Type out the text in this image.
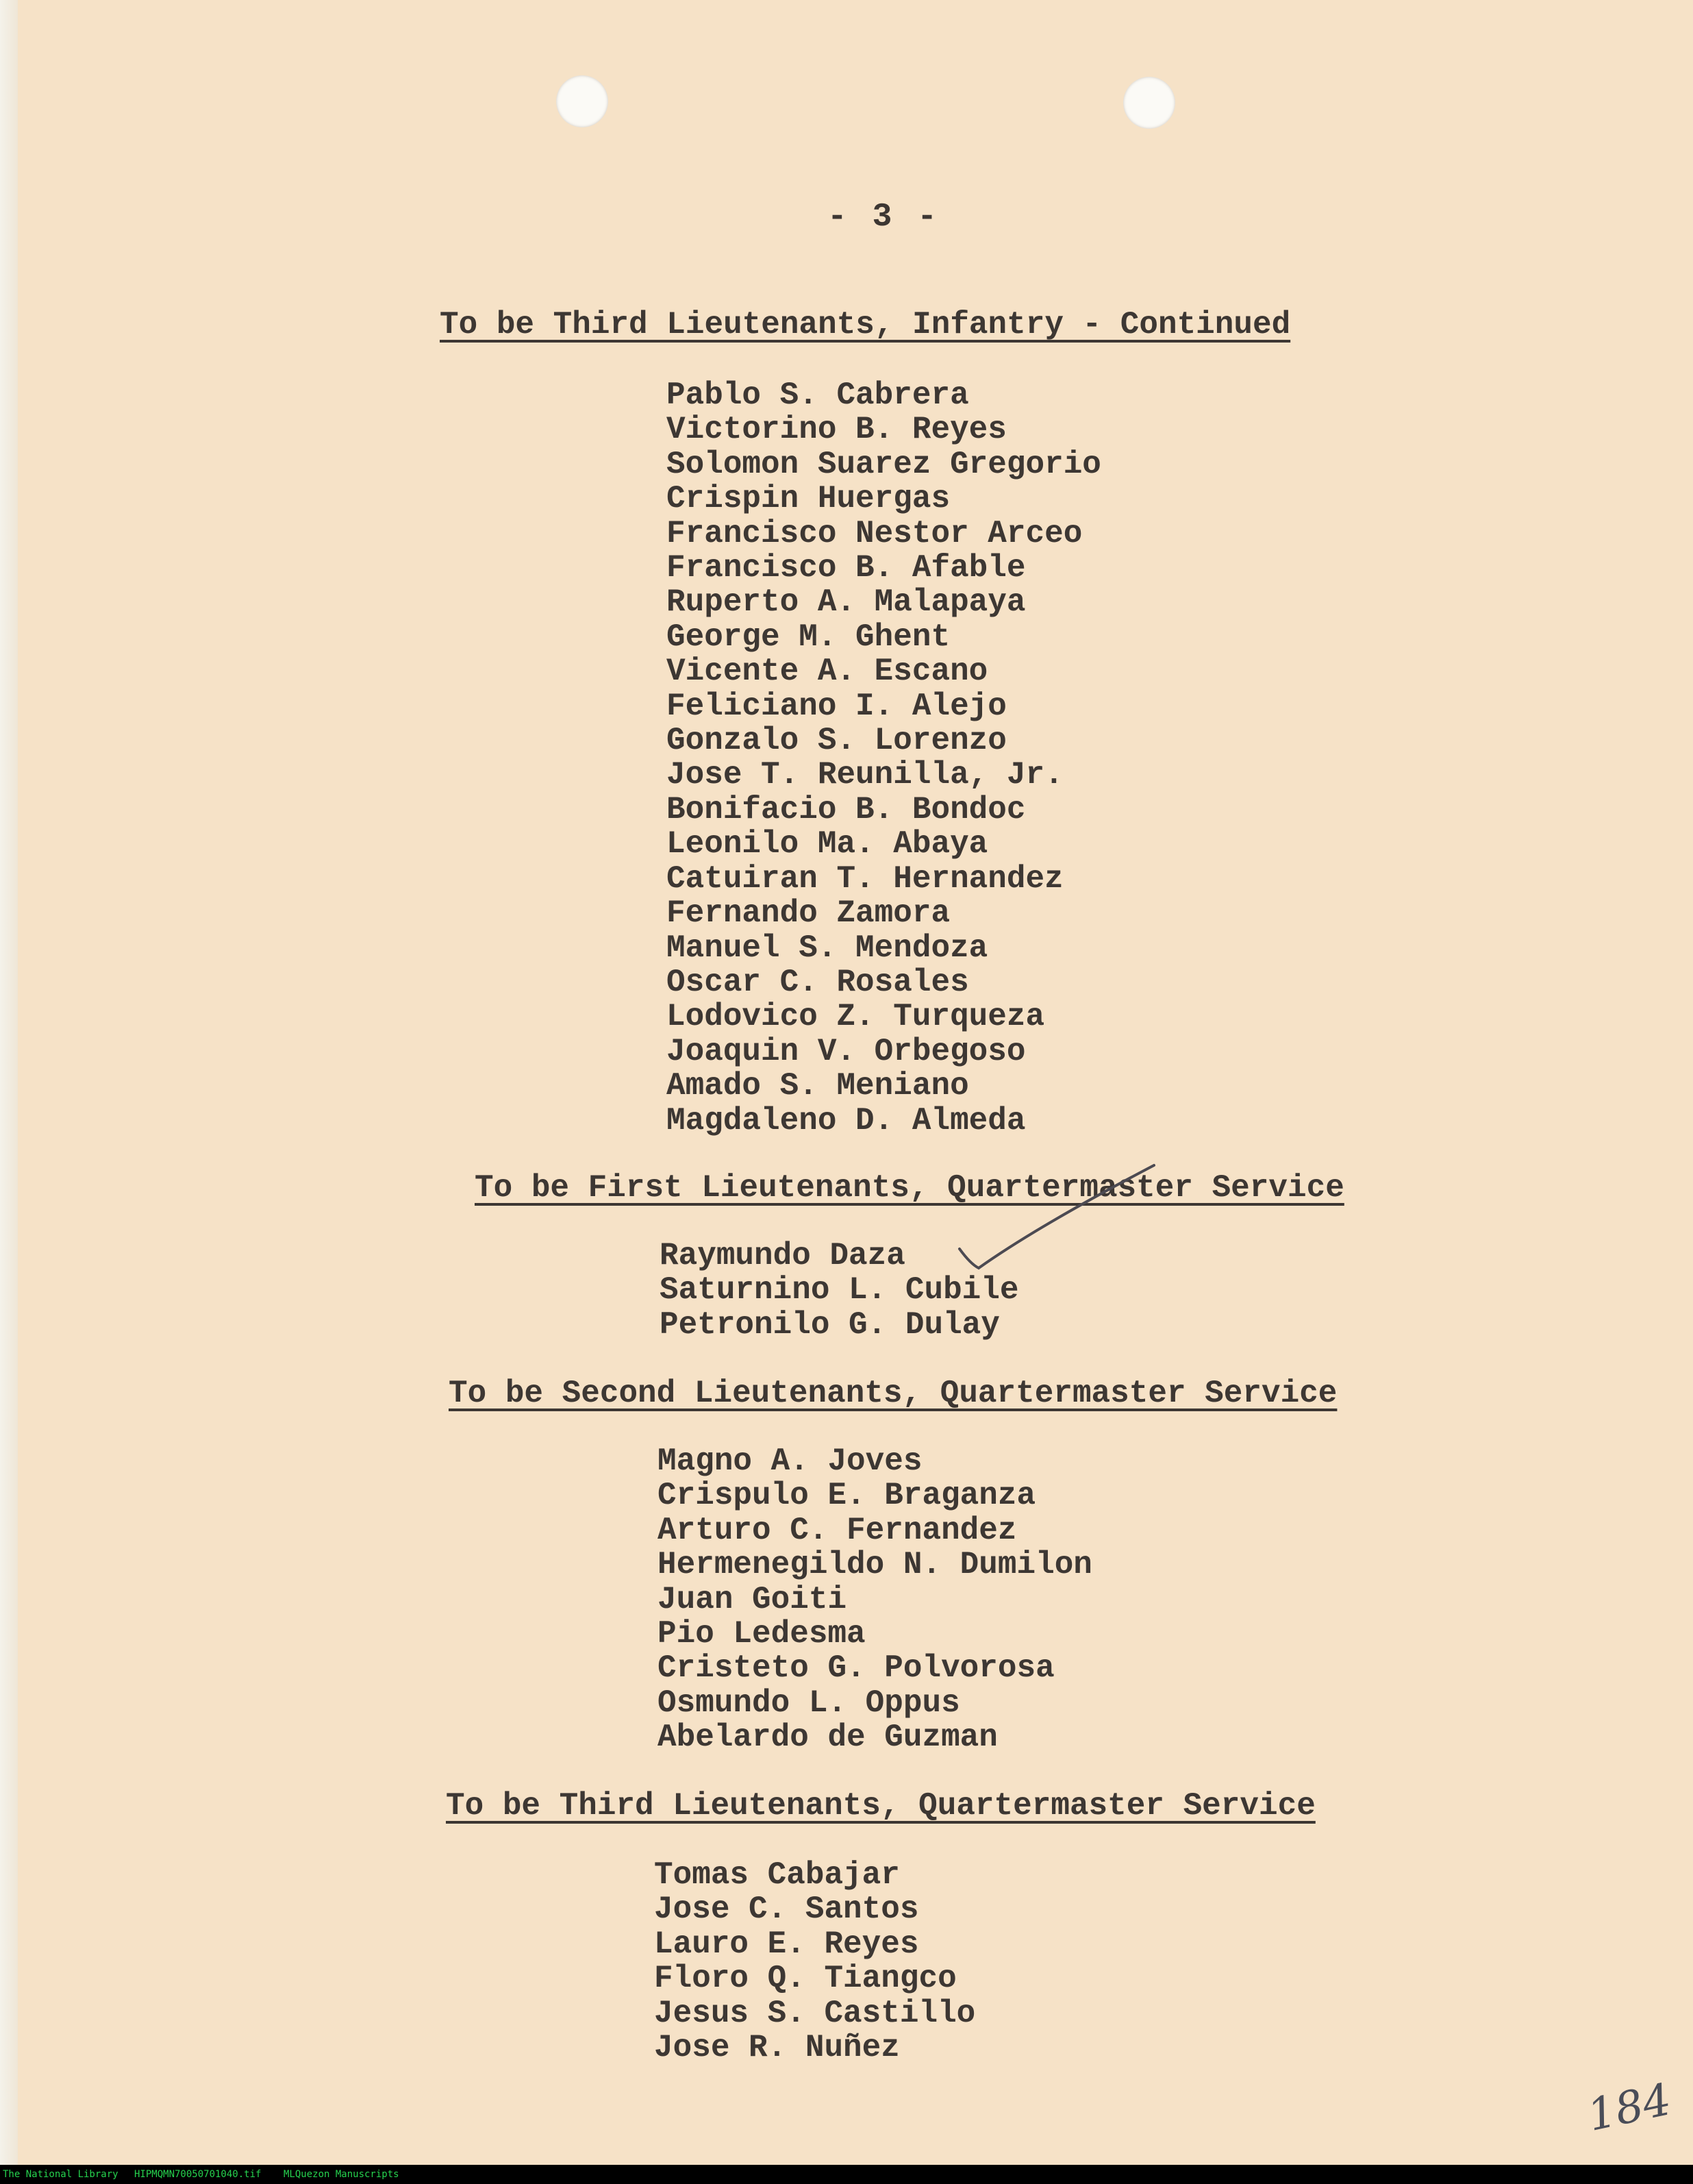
- 3 -
To be Third Lieutenants, Infantry - Continued
Pablo S. Cabrera
Victorino B. Reyes
Solomon Suarez Gregorio
Crispin Huergas
Francisco Nestor Arceo
Francisco B. Afable
Ruperto A. Malapaya
George M. Ghent
Vicente A. Escano
Feliciano I. Alejo
Gonzalo S. Lorenzo
Jose T. Reunilla, Jr.
Bonifacio B. Bondoc
Leonilo Ma. Abaya
Catuiran T. Hernandez
Fernando Zamora
Manuel S. Mendoza
Oscar C. Rosales
Lodovico Z. Turqueza
Joaquin V. Orbegoso
Amado S. Meniano
Magdaleno D. Almeda
To be First Lieutenants, Quartermaster Service
Raymundo Daza
Saturnino L. Cubile
Petronilo G. Dulay
To be Second Lieutenants, Quartermaster Service
Magno A. Joves
Crispulo E. Braganza
Arturo C. Fernandez
Hermenegildo N. Dumilon
Juan Goiti
Pio Ledesma
Cristeto G. Polvorosa
Osmundo L. Oppus
Abelardo de Guzman
To be Third Lieutenants, Quartermaster Service
Tomas Cabajar
Jose C. Santos
Lauro E. Reyes
Floro Q. Tiangco
Jesus S. Castillo
Jose R. Nuñez
184
The National Library HIPMQMN70050701040.tif MLQuezon Manuscripts
